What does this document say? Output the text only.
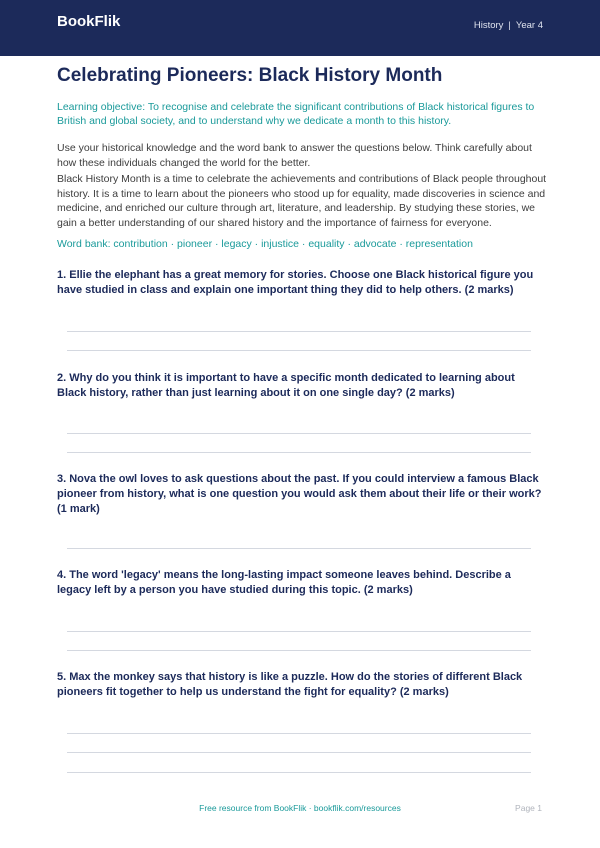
BookFlik	History | Year 4
Celebrating Pioneers: Black History Month

Learning objective: To recognise and celebrate the significant contributions of Black historical figures to British and global society, and to understand why we dedicate a month to this history.

Use your historical knowledge and the word bank to answer the questions below. Think carefully about how these individuals changed the world for the better.

Black History Month is a time to celebrate the achievements and contributions of Black people throughout history. It is a time to learn about the pioneers who stood up for equality, made discoveries in science and medicine, and enriched our culture through art, literature, and leadership. By studying these stories, we gain a better understanding of our shared history and the importance of fairness for everyone.

Word bank: contribution · pioneer · legacy · injustice · equality · advocate · representation

1. Ellie the elephant has a great memory for stories. Choose one Black historical figure you have studied in class and explain one important thing they did to help others. (2 marks)

2. Why do you think it is important to have a specific month dedicated to learning about Black history, rather than just learning about it on one single day? (2 marks)

3. Nova the owl loves to ask questions about the past. If you could interview a famous Black pioneer from history, what is one question you would ask them about their life or their work? (1 mark)

4. The word 'legacy' means the long-lasting impact someone leaves behind. Describe a legacy left by a person you have studied during this topic. (2 marks)

5. Max the monkey says that history is like a puzzle. How do the stories of different Black pioneers fit together to help us understand the fight for equality? (2 marks)

Free resource from BookFlik · bookflik.com/resources	Page 1
